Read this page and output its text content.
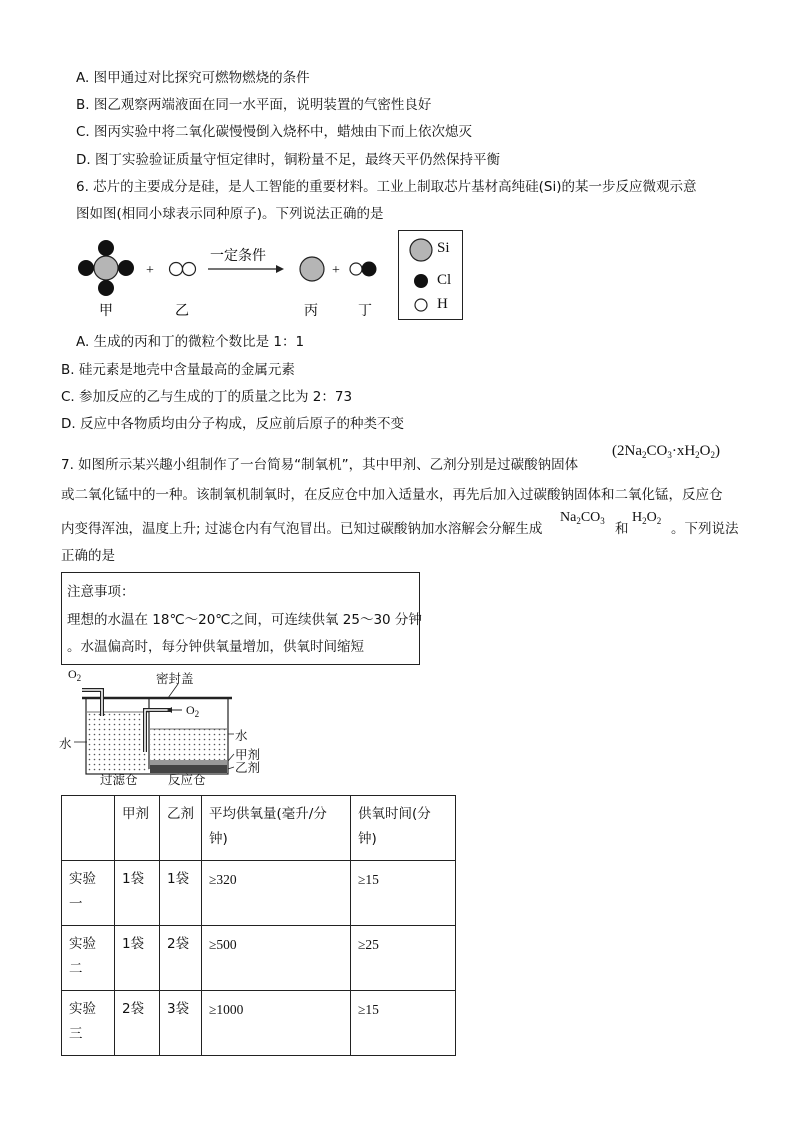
A. 图甲通过对比探究可燃物燃烧的条件
B. 图乙观察两端液面在同一水平面，说明装置的气密性良好
C. 图丙实验中将二氧化碳慢慢倒入烧杯中，蜡烛由下而上依次熄灭
D. 图丁实验验证质量守恒定律时，铜粉量不足，最终天平仍然保持平衡
6. 芯片的主要成分是硅，是人工智能的重要材料。工业上制取芯片基材高纯硅(Si)的某一步反应微观示意
图如图(相同小球表示同种原子)。下列说法正确的是
+
一定条件
+
甲	乙	丙	丁
Si
Cl
H
A. 生成的丙和丁的微粒个数比是 1：1
B. 硅元素是地壳中含量最高的金属元素
C. 参加反应的乙与生成的丁的质量之比为 2：73
D. 反应中各物质均由分子构成，反应前后原子的种类不变
7. 如图所示某兴趣小组制作了一台简易“制氧机”，其中甲剂、乙剂分别是过碳酸钠固体
$(2Na_2CO_3\cdot xH_2O_2)$
或二氧化锰中的一种。该制氧机制氧时，在反应仓中加入适量水，再先后加入过碳酸钠固体和二氧化锰，反应仓
内变得浑浊，温度上升; 过滤仓内有气泡冒出。已知过碳酸钠加水溶解会分解生成
$Na_2CO_3$ 和
$H_2O_2$ 。下列说法
正确的是
注意事项：
理想的水温在 18℃～20℃之间，可连续供氧 25～30 分钟
。水温偏高时，每分钟供氧量增加，供氧时间缩短
$O_2$	密封盖
$O_2$
水
水
甲剂
乙剂
过滤仓 反应仓
	甲剂	乙剂	平均供氧量(毫升/分钟)	供氧时间(分钟)
实验一	1袋	1袋	≥320	≥15
实验二	1袋	2袋	≥500	≥25
实验三	2袋	3袋	≥1000	≥15
